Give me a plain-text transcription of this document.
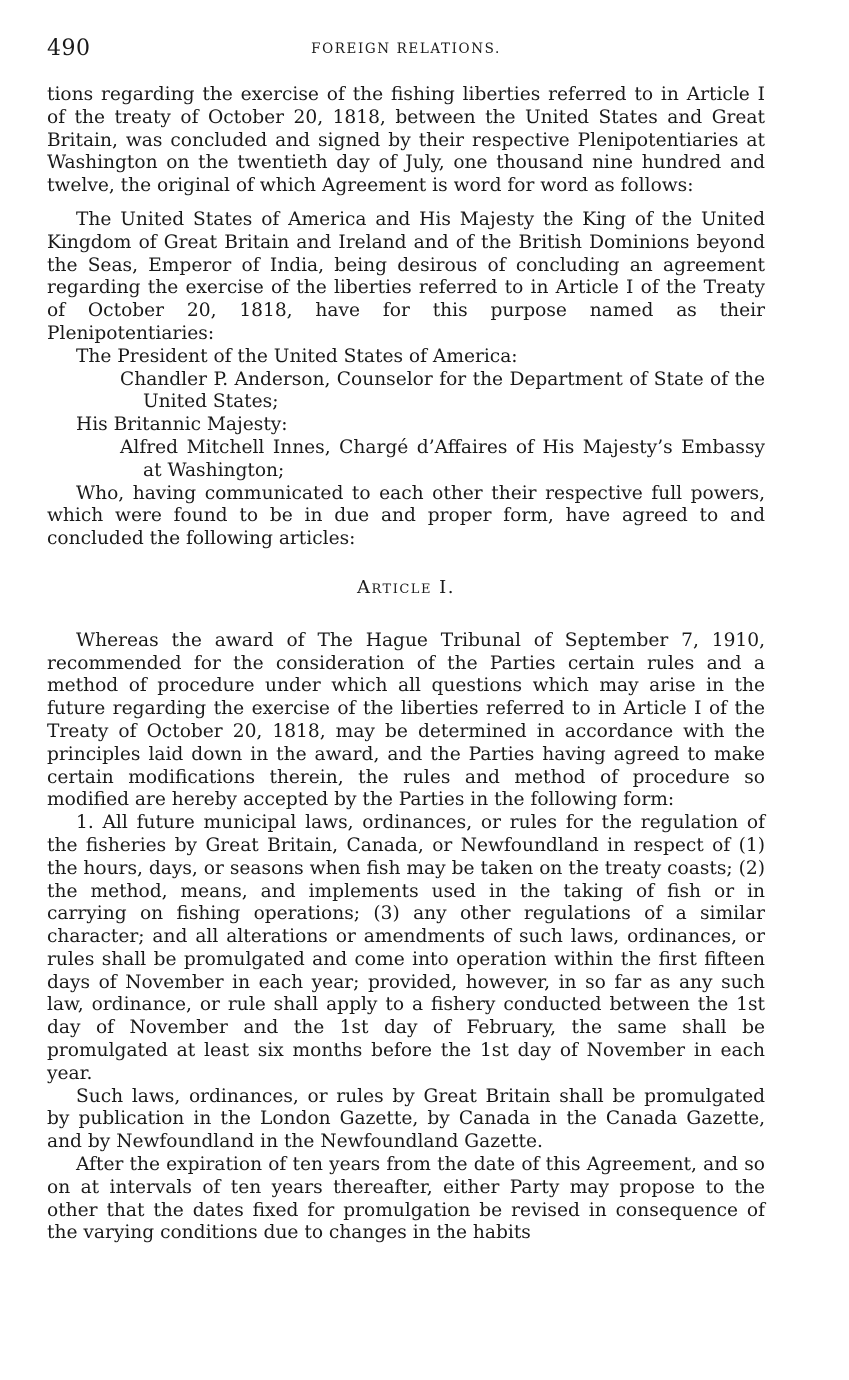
490	FOREIGN RELATIONS.

tions regarding the exercise of the fishing liberties referred to in Article I of the treaty of October 20, 1818, between the United States and Great Britain, was concluded and signed by their respective Plenipotentiaries at Washington on the twentieth day of July, one thousand nine hundred and twelve, the original of which Agreement is word for word as follows:

The United States of America and His Majesty the King of the United Kingdom of Great Britain and Ireland and of the British Dominions beyond the Seas, Emperor of India, being desirous of concluding an agreement regarding the exercise of the liberties referred to in Article I of the Treaty of October 20, 1818, have for this purpose named as their Plenipotentiaries:

The President of the United States of America:

Chandler P. Anderson, Counselor for the Department of State of the United States;

His Britannic Majesty:

Alfred Mitchell Innes, Chargé d’Affaires of His Majesty’s Embassy at Washington;

Who, having communicated to each other their respective full powers, which were found to be in due and proper form, have agreed to and concluded the following articles:

Article I.

Whereas the award of The Hague Tribunal of September 7, 1910, recommended for the consideration of the Parties certain rules and a method of procedure under which all questions which may arise in the future regarding the exercise of the liberties referred to in Article I of the Treaty of October 20, 1818, may be determined in accordance with the principles laid down in the award, and the Parties having agreed to make certain modifications therein, the rules and method of procedure so modified are hereby accepted by the Parties in the following form:

1. All future municipal laws, ordinances, or rules for the regulation of the fisheries by Great Britain, Canada, or Newfoundland in respect of (1) the hours, days, or seasons when fish may be taken on the treaty coasts; (2) the method, means, and implements used in the taking of fish or in carrying on fishing operations; (3) any other regulations of a similar character; and all alterations or amendments of such laws, ordinances, or rules shall be promulgated and come into operation within the first fifteen days of November in each year; provided, however, in so far as any such law, ordinance, or rule shall apply to a fishery conducted between the 1st day of November and the 1st day of February, the same shall be promulgated at least six months before the 1st day of November in each year.

Such laws, ordinances, or rules by Great Britain shall be promulgated by publication in the London Gazette, by Canada in the Canada Gazette, and by Newfoundland in the Newfoundland Gazette.

After the expiration of ten years from the date of this Agreement, and so on at intervals of ten years thereafter, either Party may propose to the other that the dates fixed for promulgation be revised in consequence of the varying conditions due to changes in the habits
